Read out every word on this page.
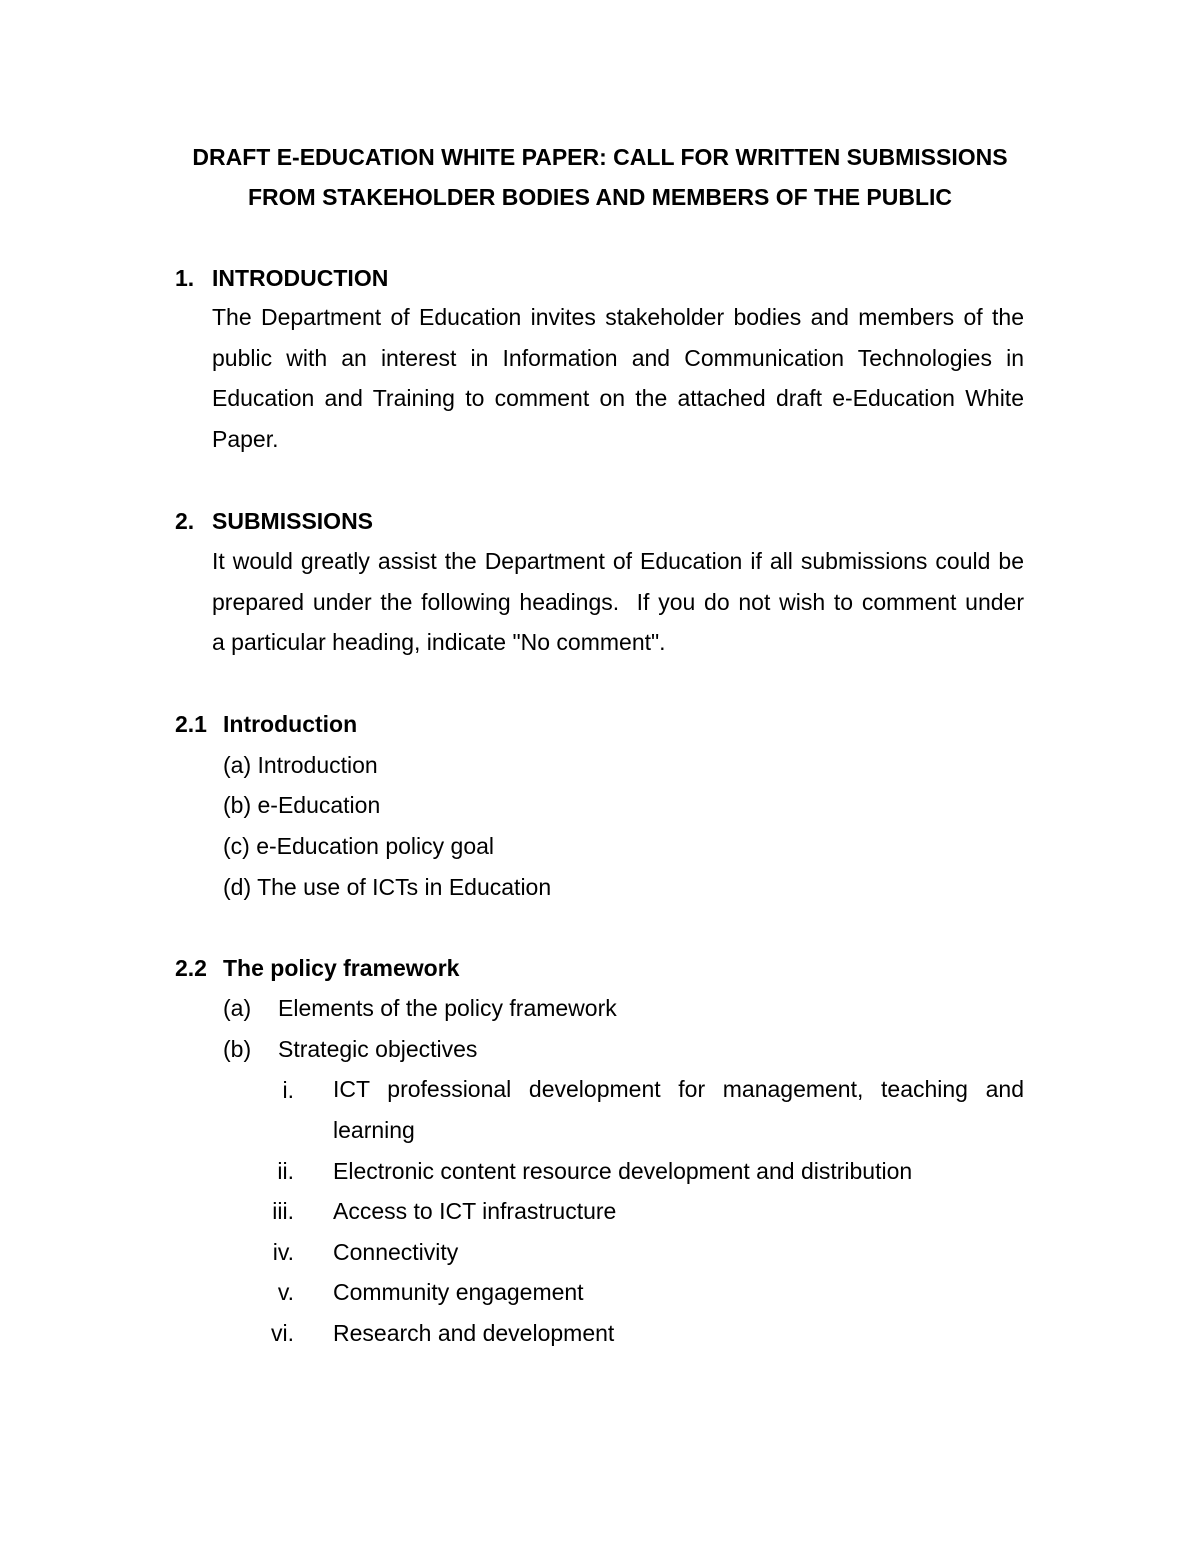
DRAFT E-EDUCATION WHITE PAPER: CALL FOR WRITTEN SUBMISSIONS
FROM STAKEHOLDER BODIES AND MEMBERS OF THE PUBLIC
1. INTRODUCTION
The Department of Education invites stakeholder bodies and members of the
public with an interest in Information and Communication Technologies in
Education and Training to comment on the attached draft e-Education White
Paper.
2. SUBMISSIONS
It would greatly assist the Department of Education if all submissions could be
prepared under the following headings.  If you do not wish to comment under
a particular heading, indicate "No comment".
2.1 Introduction
(a) Introduction
(b) e-Education
(c) e-Education policy goal
(d) The use of ICTs in Education
2.2 The policy framework
(a) Elements of the policy framework
(b) Strategic objectives
i. ICT professional development for management, teaching and
learning
ii. Electronic content resource development and distribution
iii. Access to ICT infrastructure
iv. Connectivity
v. Community engagement
vi. Research and development
